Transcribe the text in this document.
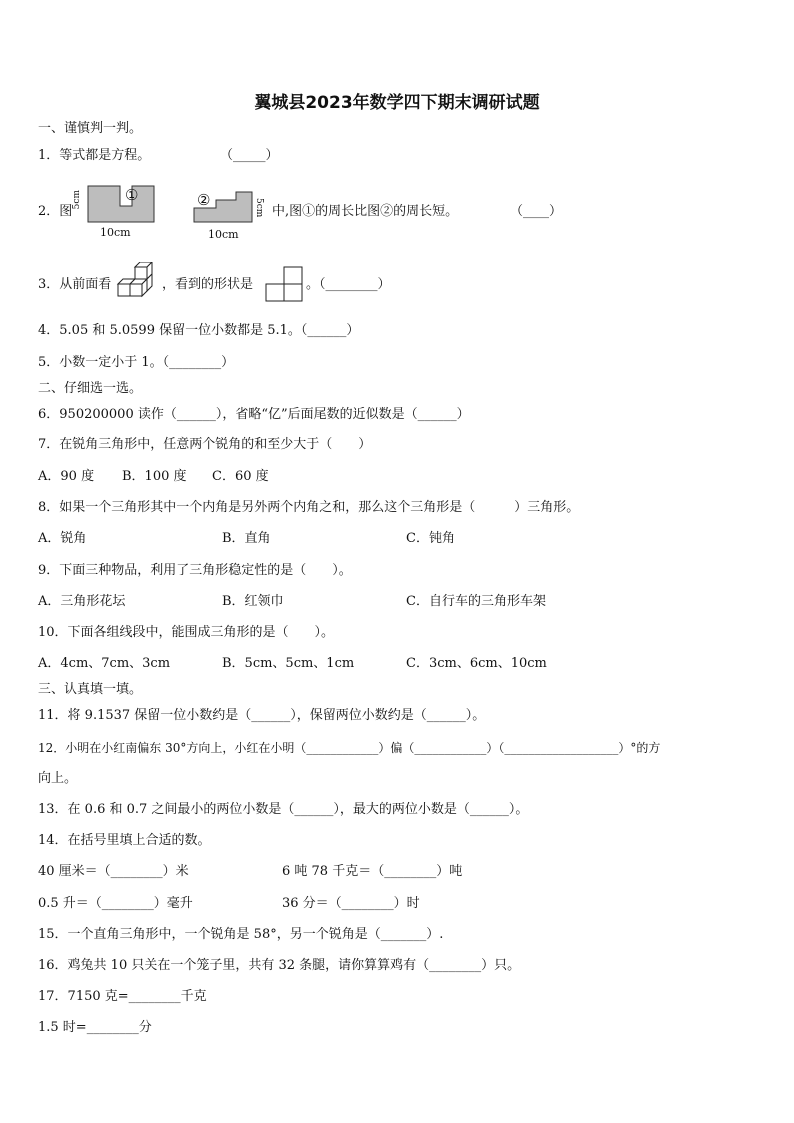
翼城县2023年数学四下期末调研试题
一、谨慎判一判。
1．等式都是方程。	（_____）
2．图
①
5cm
10cm
②	5cm
10cm
中,图①的周长比图②的周长短。	（____）
3．从前面看	，看到的形状是	。（________）
4．5.05 和 5.0599 保留一位小数都是 5.1。（______）
5．小数一定小于 1。（________）
二、仔细选一选。
6．950200000 读作（______），省略“亿”后面尾数的近似数是（______）
7．在锐角三角形中，任意两个锐角的和至少大于（　　）
A．90 度 B．100 度 C．60 度
8．如果一个三角形其中一个内角是另外两个内角之和，那么这个三角形是（　　　）三角形。
A．锐角	B．直角	C．钝角
9．下面三种物品，利用了三角形稳定性的是（　　）。
A．三角形花坛	B．红领巾	C．自行车的三角形车架
10．下面各组线段中，能围成三角形的是（　　）。
A．4cm、7cm、3cm	B．5cm、5cm、1cm	C．3cm、6cm、10cm
三、认真填一填。
11．将 9.1537 保留一位小数约是（______），保留两位小数约是（______）。
12．小明在小红南偏东 30°方向上，小红在小明（____________）偏（____________）（___________________）°的方
向上。
13．在 0.6 和 0.7 之间最小的两位小数是（______），最大的两位小数是（______）。
14．在括号里填上合适的数。
40 厘米＝（________）米	6 吨 78 千克＝（________）吨
0.5 升＝（________）毫升	36 分＝（________）时
15．一个直角三角形中，一个锐角是 58°，另一个锐角是（_______）.
16．鸡兔共 10 只关在一个笼子里，共有 32 条腿，请你算算鸡有（________）只。
17．7150 克=________千克
1.5 时=________分
